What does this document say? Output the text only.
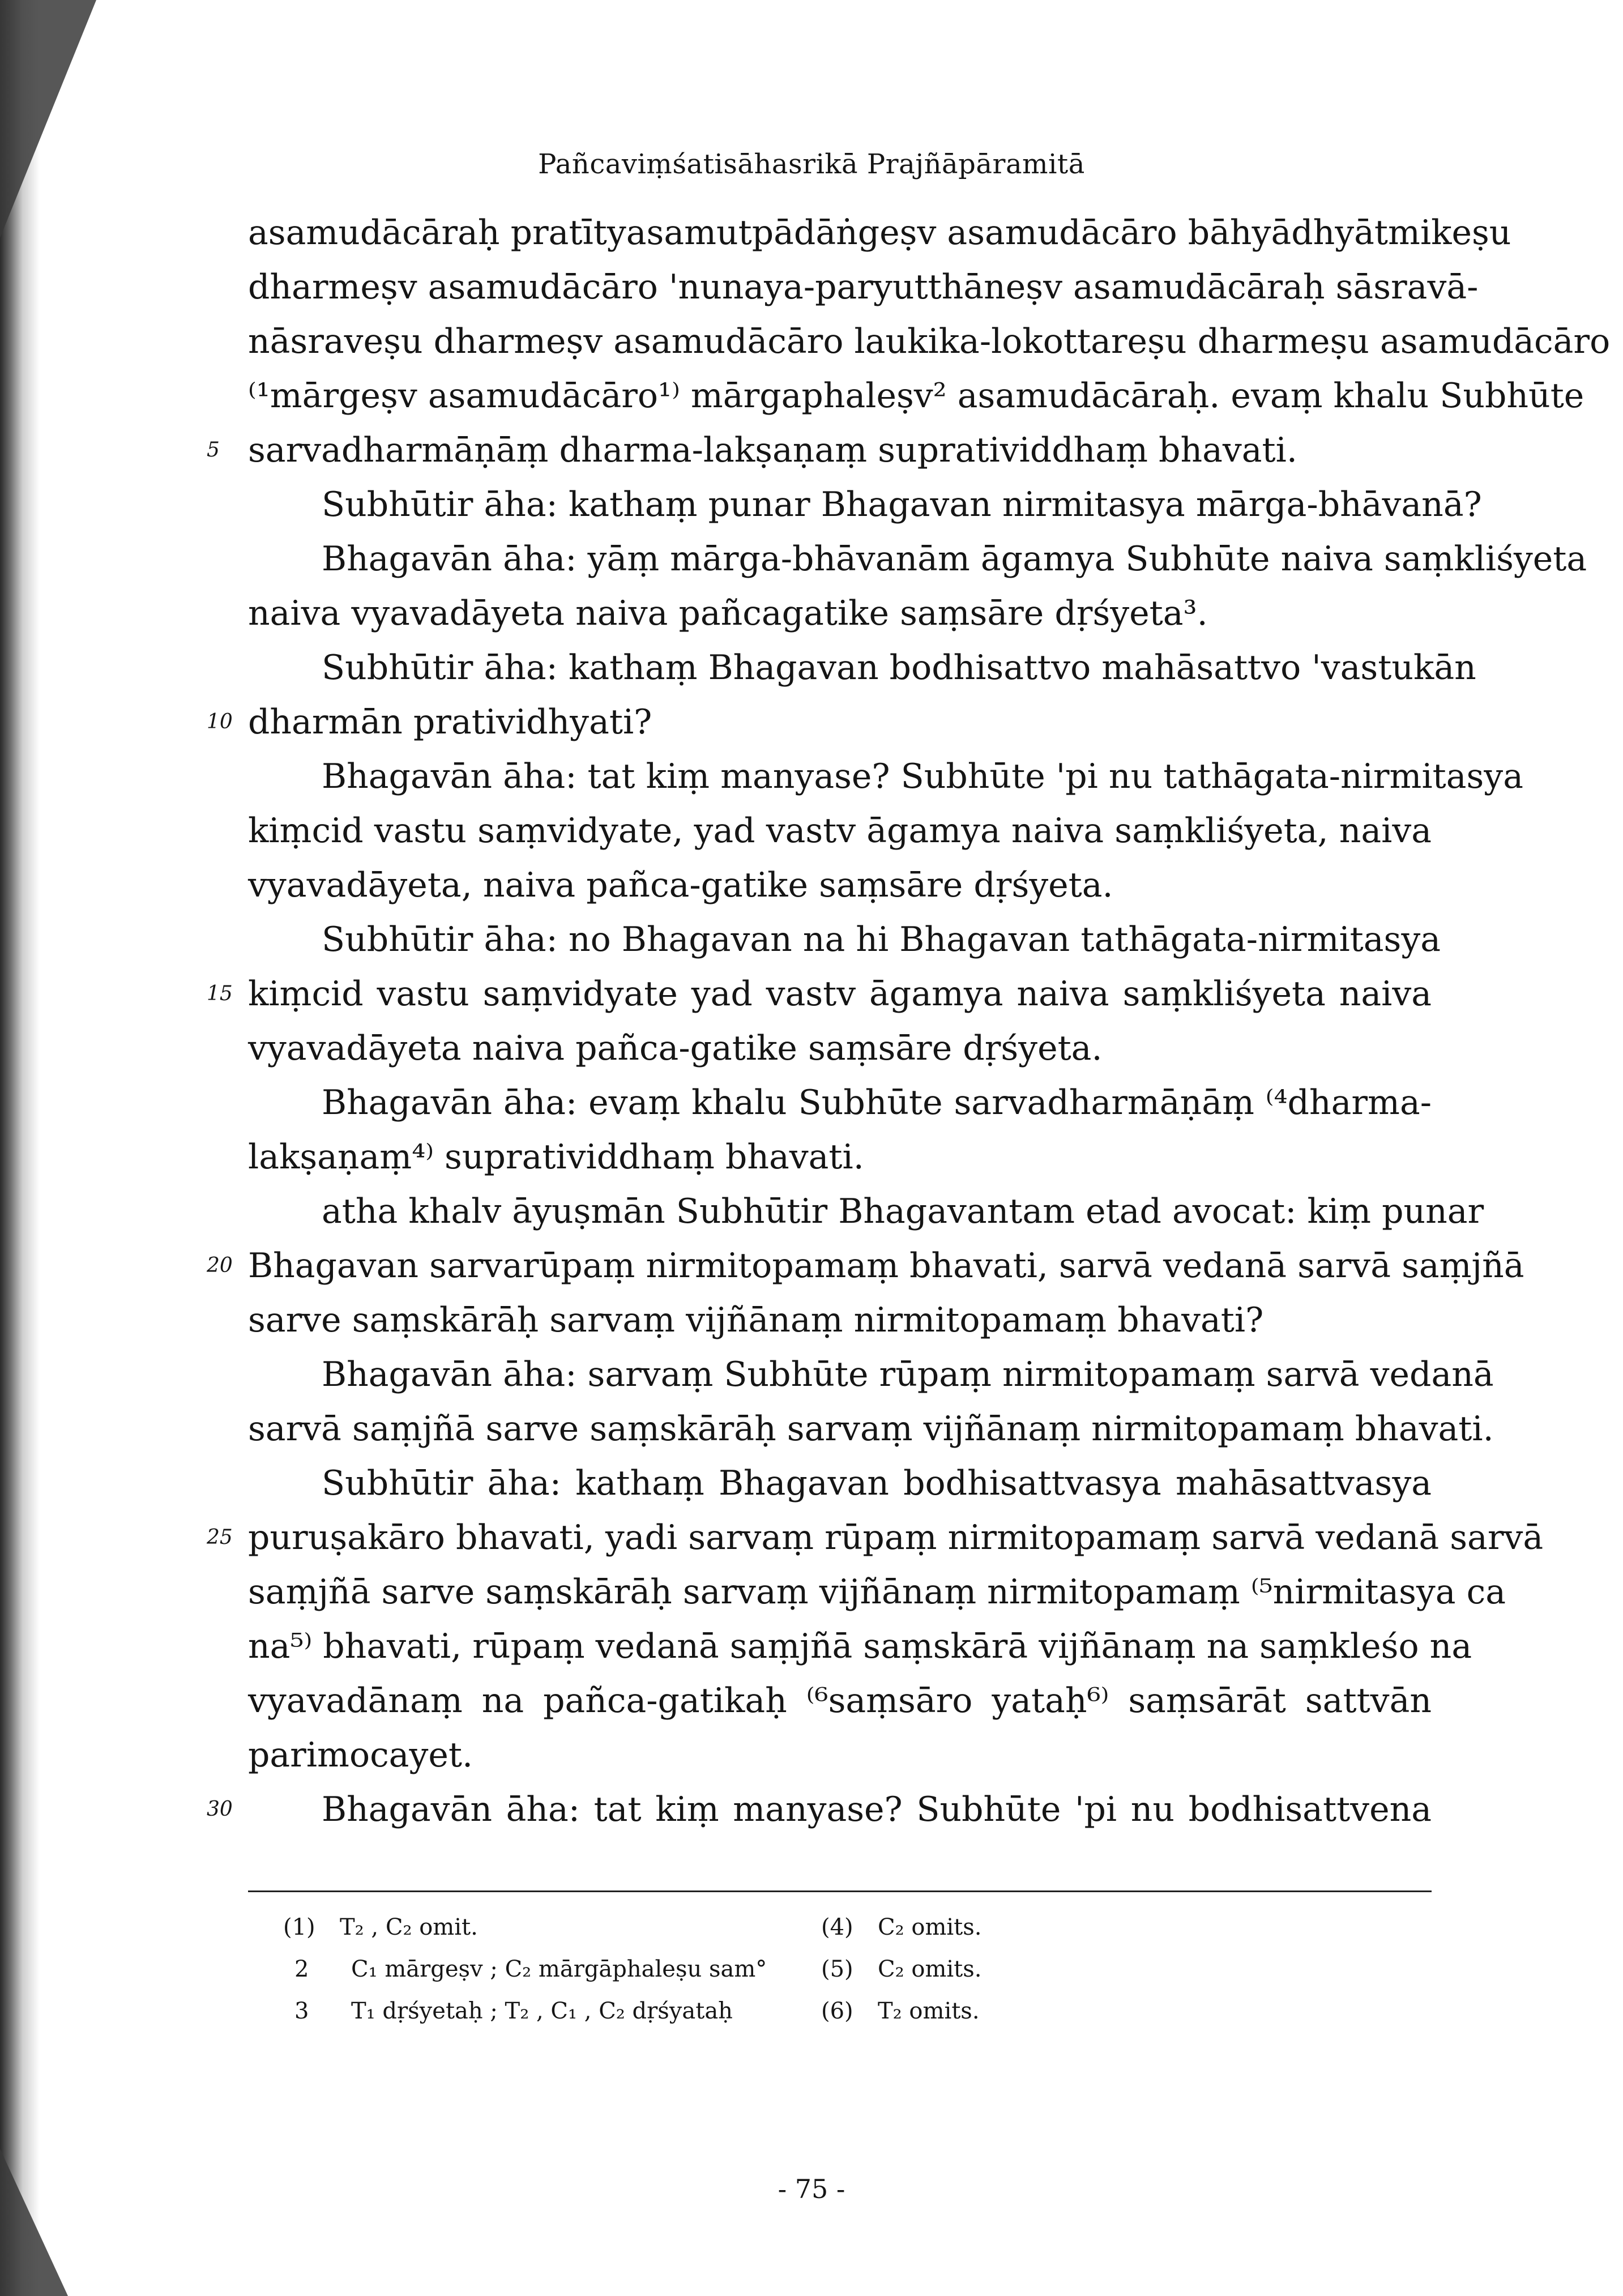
Pañcaviṃśatisāhasrikā Prajñāpāramitā
asamudācāraḥ pratītyasamutpādāṅgeṣv asamudācāro bāhyādhyātmikeṣu
dharmeṣv asamudācāro 'nunaya-paryutthāneṣv asamudācāraḥ sāsravā-
nāsraveṣu dharmeṣv asamudācāro laukika-lokottareṣu dharmeṣu asamudācāro
⁽¹mārgeṣv asamudācāro¹⁾ mārgaphaleṣv² asamudācāraḥ. evaṃ khalu Subhūte
sarvadharmāṇāṃ dharma-lakṣaṇaṃ supratividdhaṃ bhavati.
Subhūtir āha: kathaṃ punar Bhagavan nirmitasya mārga-bhāvanā?
Bhagavān āha: yāṃ mārga-bhāvanām āgamya Subhūte naiva saṃkliśyeta
naiva vyavadāyeta naiva pañcagatike saṃsāre dṛśyeta³.
Subhūtir āha: kathaṃ Bhagavan bodhisattvo mahāsattvo 'vastukān
dharmān pratividhyati?
Bhagavān āha: tat kiṃ manyase? Subhūte 'pi nu tathāgata-nirmitasya
kiṃcid vastu saṃvidyate, yad vastv āgamya naiva saṃkliśyeta, naiva
vyavadāyeta, naiva pañca-gatike saṃsāre dṛśyeta.
Subhūtir āha: no Bhagavan na hi Bhagavan tathāgata-nirmitasya
kiṃcid vastu saṃvidyate yad vastv āgamya naiva saṃkliśyeta naiva
vyavadāyeta naiva pañca-gatike saṃsāre dṛśyeta.
Bhagavān āha: evaṃ khalu Subhūte sarvadharmāṇāṃ ⁽⁴dharma-
lakṣaṇaṃ⁴⁾ supratividdhaṃ bhavati.
atha khalv āyuṣmān Subhūtir Bhagavantam etad avocat: kiṃ punar
Bhagavan sarvarūpaṃ nirmitopamaṃ bhavati, sarvā vedanā sarvā saṃjñā
sarve saṃskārāḥ sarvaṃ vijñānaṃ nirmitopamaṃ bhavati?
Bhagavān āha: sarvaṃ Subhūte rūpaṃ nirmitopamaṃ sarvā vedanā
sarvā saṃjñā sarve saṃskārāḥ sarvaṃ vijñānaṃ nirmitopamaṃ bhavati.
Subhūtir āha: kathaṃ Bhagavan bodhisattvasya mahāsattvasya
puruṣakāro bhavati, yadi sarvaṃ rūpaṃ nirmitopamaṃ sarvā vedanā sarvā
saṃjñā sarve saṃskārāḥ sarvaṃ vijñānaṃ nirmitopamaṃ ⁽⁵nirmitasya ca
na⁵⁾ bhavati, rūpaṃ vedanā saṃjñā saṃskārā vijñānaṃ na saṃkleśo na
vyavadānaṃ na pañca-gatikaḥ ⁽⁶saṃsāro yataḥ⁶⁾ saṃsārāt sattvān
parimocayet.
Bhagavān āha: tat kiṃ manyase? Subhūte 'pi nu bodhisattvena
5
10
15
20
25
30
(1) T₂ , C₂ omit.
2 C₁ mārgeṣv ; C₂ mārgāphaleṣu sam°
3 T₁ dṛśyetaḥ ; T₂ , C₁ , C₂ dṛśyataḥ
(4) C₂ omits.
(5) C₂ omits.
(6) T₂ omits.
- 75 -
